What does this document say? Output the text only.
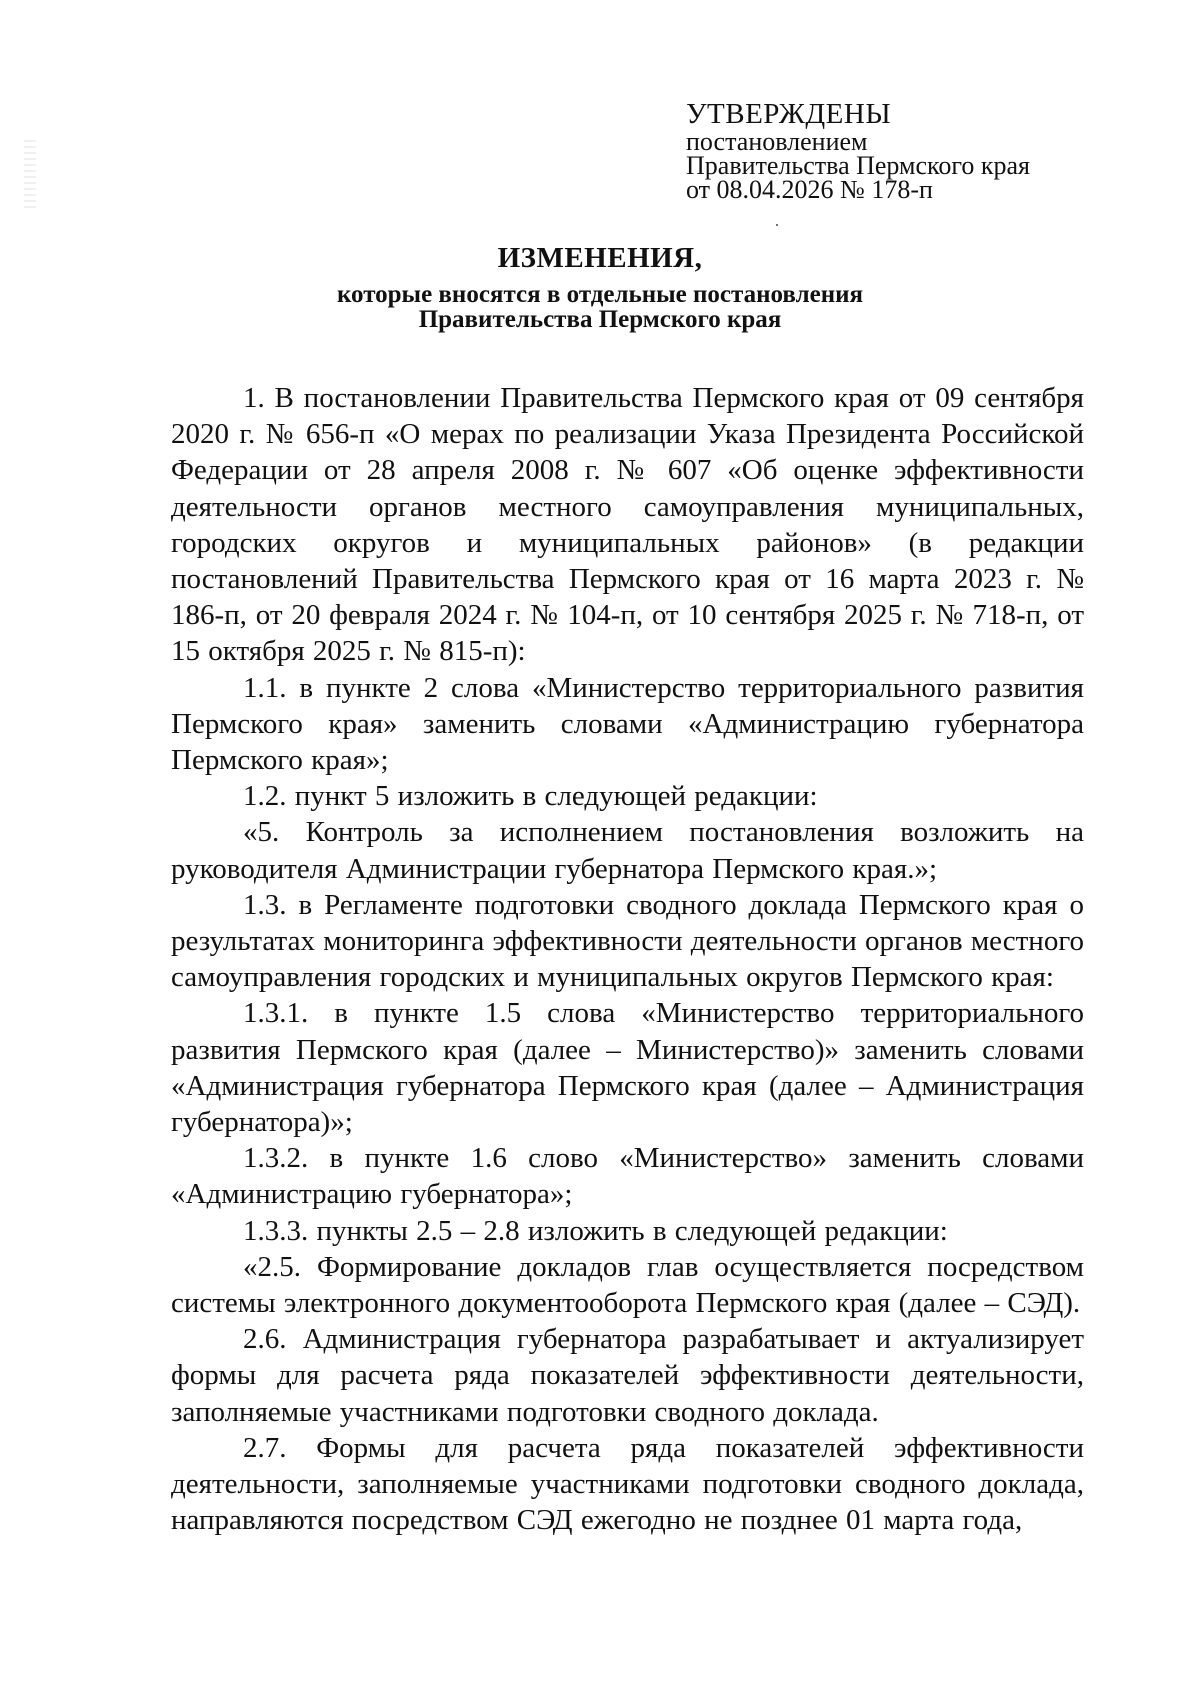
УТВЕРЖДЕНЫ
постановлением
Правительства Пермского края
от 08.04.2026 № 178-п
ИЗМЕНЕНИЯ,
которые вносятся в отдельные постановления
Правительства Пермского края

1. В постановлении Правительства Пермского края от 09 сентября 2020 г. № 656-п «О мерах по реализации Указа Президента Российской Федерации от 28 апреля 2008 г. № 607 «Об оценке эффективности деятельности органов местного самоуправления муниципальных, городских округов и муниципальных районов» (в редакции постановлений Правительства Пермского края от 16 марта 2023 г. № 186-п, от 20 февраля 2024 г. № 104-п, от 10 сентября 2025 г. № 718-п, от 15 октября 2025 г. № 815-п):

1.1. в пункте 2 слова «Министерство территориального развития Пермского края» заменить словами «Администрацию губернатора Пермского края»;

1.2. пункт 5 изложить в следующей редакции:

«5. Контроль за исполнением постановления возложить на руководителя Администрации губернатора Пермского края.»;

1.3. в Регламенте подготовки сводного доклада Пермского края о результатах мониторинга эффективности деятельности органов местного самоуправления городских и муниципальных округов Пермского края:

1.3.1. в пункте 1.5 слова «Министерство территориального развития Пермского края (далее – Министерство)» заменить словами «Администрация губернатора Пермского края (далее – Администрация губернатора)»;

1.3.2. в пункте 1.6 слово «Министерство» заменить словами «Администрацию губернатора»;

1.3.3. пункты 2.5 – 2.8 изложить в следующей редакции:

«2.5. Формирование докладов глав осуществляется посредством системы электронного документооборота Пермского края (далее – СЭД).

2.6. Администрация губернатора разрабатывает и актуализирует формы для расчета ряда показателей эффективности деятельности, заполняемые участниками подготовки сводного доклада.

2.7. Формы для расчета ряда показателей эффективности деятельности, заполняемые участниками подготовки сводного доклада, направляются посредством СЭД ежегодно не позднее 01 марта года,
